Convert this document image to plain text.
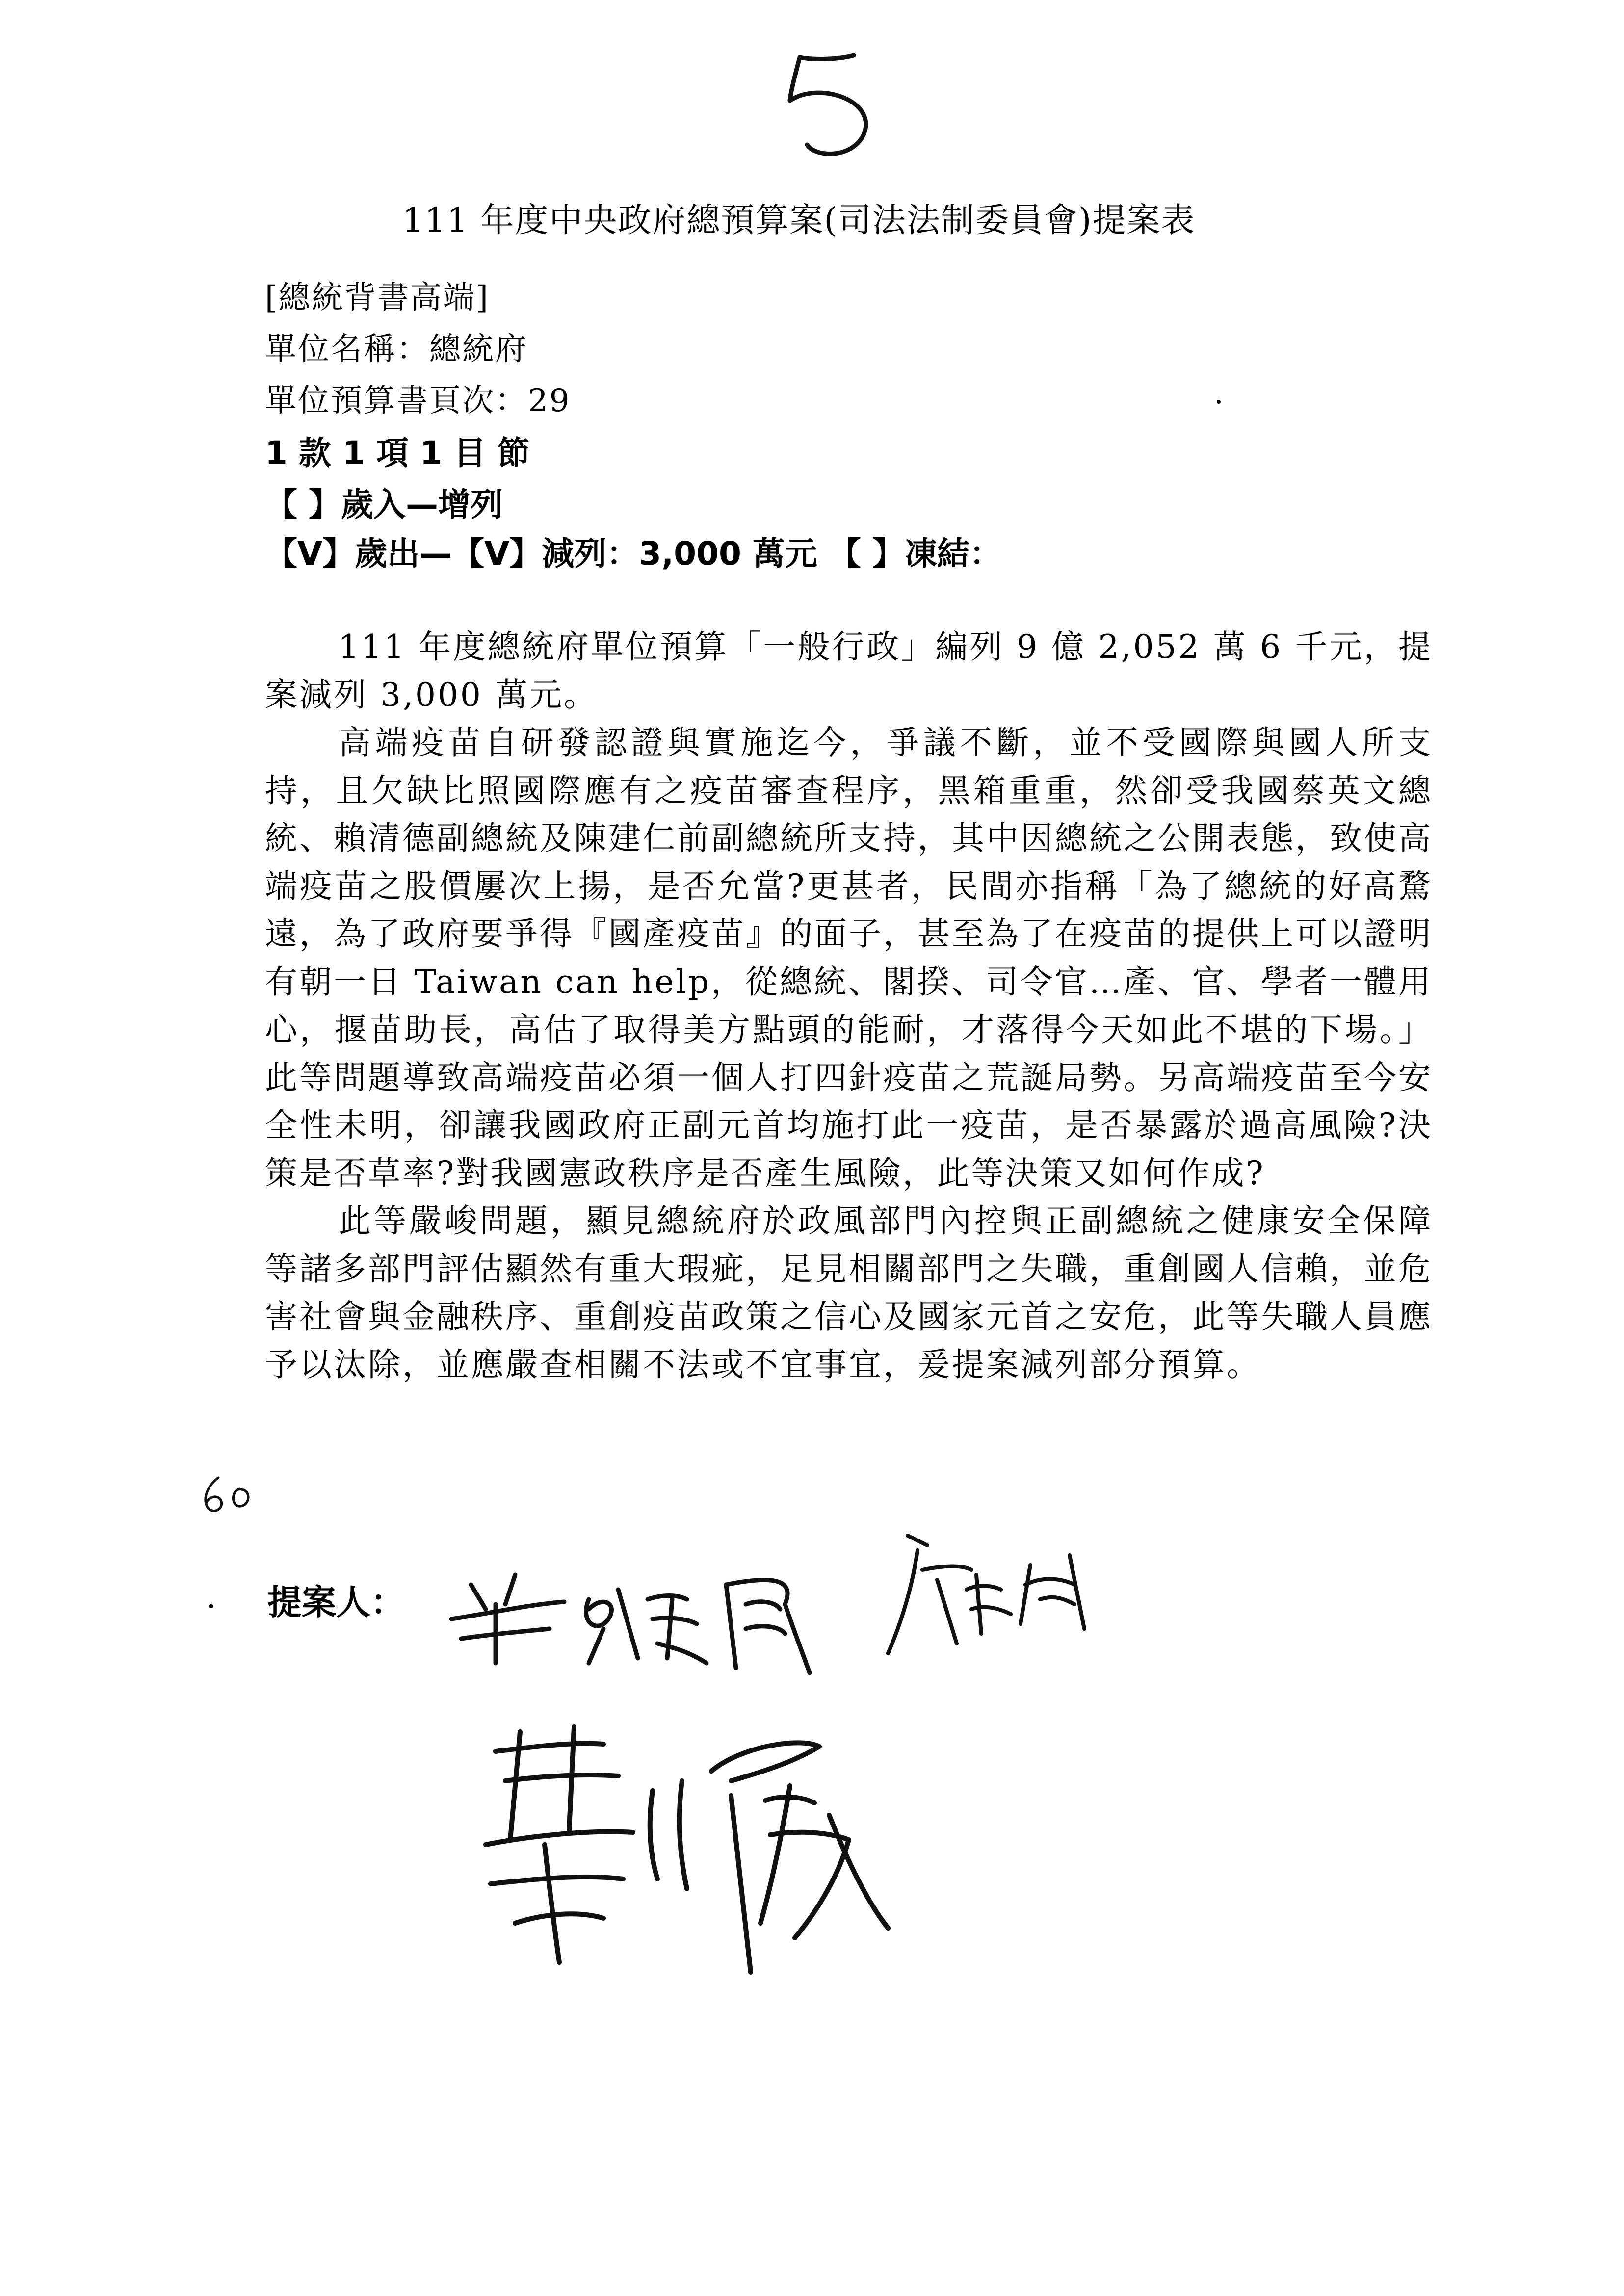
111 年度中央政府總預算案(司法法制委員會)提案表
[總統背書高端]
單位名稱：總統府
單位預算書頁次：29
1 款 1 項 1 目 節
【 】歲入—增列
【V】歲出—【V】減列：3,000 萬元 【 】凍結：

111 年度總統府單位預算「一般行政」編列 9 億 2,052 萬 6 千元，提案減列 3,000 萬元。

高端疫苗自研發認證與實施迄今，爭議不斷，並不受國際與國人所支持，且欠缺比照國際應有之疫苗審查程序，黑箱重重，然卻受我國蔡英文總統、賴清德副總統及陳建仁前副總統所支持，其中因總統之公開表態，致使高端疫苗之股價屢次上揚，是否允當?更甚者，民間亦指稱「為了總統的好高騖遠，為了政府要爭得『國產疫苗』的面子，甚至為了在疫苗的提供上可以證明有朝一日 Taiwan can help，從總統、閣揆、司令官…產、官、學者一體用心，揠苗助長，高估了取得美方點頭的能耐，才落得今天如此不堪的下場。」此等問題導致高端疫苗必須一個人打四針疫苗之荒誕局勢。另高端疫苗至今安全性未明，卻讓我國政府正副元首均施打此一疫苗，是否暴露於過高風險?決策是否草率?對我國憲政秩序是否產生風險，此等決策又如何作成?

此等嚴峻問題，顯見總統府於政風部門內控與正副總統之健康安全保障等諸多部門評估顯然有重大瑕疵，足見相關部門之失職，重創國人信賴，並危害社會與金融秩序、重創疫苗政策之信心及國家元首之安危，此等失職人員應予以汰除，並應嚴查相關不法或不宜事宜，爰提案減列部分預算。

提案人：
